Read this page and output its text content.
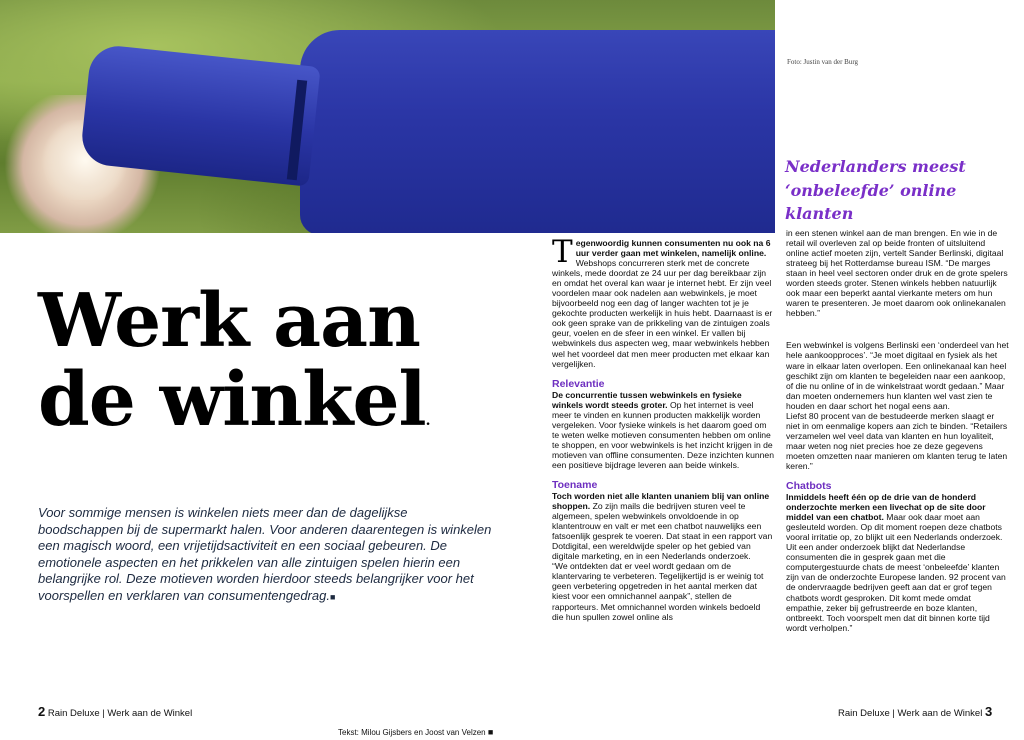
Foto: Justin van der Burg
Werk aan
de winkel.

Voor sommige mensen is winkelen niets meer dan de dagelijkse boodschappen bij de supermarkt halen. Voor anderen daarentegen is winkelen een magisch woord, een vrijetijdsactiviteit en een sociaal gebeuren. De emotionele aspecten en het prikkelen van alle zintuigen spelen hierin een belangrijke rol. Deze motieven worden hierdoor steeds belangrijker voor het voorspellen en verklaren van consumentengedrag.■

Tegenwoordig kunnen consumenten nu ook na 6 uur verder gaan met winkelen, namelijk online. Webshops concurreren sterk met de concrete winkels, mede doordat ze 24 uur per dag bereikbaar zijn en omdat het overal kan waar je internet hebt. Er zijn veel voordelen maar ook nadelen aan webwinkels, je moet bijvoorbeeld nog een dag of langer wachten tot je je gekochte producten werkelijk in huis hebt. Daarnaast is er ook geen sprake van de prikkeling van de zintuigen zoals geur, voelen en de sfeer in een winkel. Er vallen bij webwinkels dus aspecten weg, maar webwinkels hebben wel het voordeel dat men meer producten met elkaar kan vergelijken.

Relevantie

De concurrentie tussen webwinkels en fysieke winkels wordt steeds groter. Op het internet is veel meer te vinden en kunnen producten makkelijk worden vergeleken. Voor fysieke winkels is het daarom goed om te weten welke motieven consumenten hebben om online te shoppen, en voor webwinkels is het inzicht krijgen in de motieven van offline consumenten. Deze inzichten kunnen een positieve bijdrage leveren aan beide winkels.

Toename

Toch worden niet alle klanten unaniem blij van online shoppen. Zo zijn mails die bedrijven sturen veel te algemeen, spelen webwinkels onvoldoende in op klantentrouw en valt er met een chatbot nauwelijks een fatsoenlijk gesprek te voeren. Dat staat in een rapport van Dotdigital, een wereldwijde speler op het gebied van digitale marketing, en in een Nederlands onderzoek.

“We ontdekten dat er veel wordt gedaan om de klantervaring te verbeteren. Tegelijkertijd is er weinig tot geen verbetering opgetreden in het aantal merken dat kiest voor een omnichannel aanpak”, stellen de rapporteurs. Met omnichannel worden winkels bedoeld die hun spullen zowel online als

Nederlanders meest ‘onbeleefde’ online klanten

in een stenen winkel aan de man brengen. En wie in de retail wil overleven zal op beide fronten of uitsluitend online actief moeten zijn, vertelt Sander Berlinski, digitaal strateeg bij het Rotterdamse bureau ISM. “De marges staan in heel veel sectoren onder druk en de grote spelers worden steeds groter. Stenen winkels hebben natuurlijk ook maar een beperkt aantal vierkante meters om hun waren te presenteren. Je moet daarom ook onlinekanalen hebben.”

Een webwinkel is volgens Berlinski een ‘onderdeel van het hele aankoopproces’. “Je moet digitaal en fysiek als het ware in elkaar laten overlopen. Een onlinekanaal kan heel geschikt zijn om klanten te begeleiden naar een aankoop, of die nu online of in de winkelstraat wordt gedaan.” Maar dan moeten ondernemers hun klanten wel vast zien te houden en daar schort het nogal eens aan.

Liefst 80 procent van de bestudeerde merken slaagt er niet in om eenmalige kopers aan zich te binden. “Retailers verzamelen wel veel data van klanten en hun loyaliteit, maar weten nog niet precies hoe ze deze gegevens moeten omzetten naar manieren om klanten terug te laten keren.”

Chatbots

Inmiddels heeft één op de drie van de honderd onderzochte merken een livechat op de site door middel van een chatbot. Maar ook daar moet aan gesleuteld worden. Op dit moment roepen deze chatbots vooral irritatie op, zo blijkt uit een Nederlands onderzoek. Uit een ander onderzoek blijkt dat Nederlandse consumenten die in gesprek gaan met die computergestuurde chats de meest ‘onbeleefde’ klanten zijn van de onderzochte Europese landen. 92 procent van de ondervraagde bedrijven geeft aan dat er grof tegen chatbots wordt gesproken. Dit komt mede omdat empathie, zeker bij gefrustreerde en boze klanten, ontbreekt. Toch voorspelt men dat dit binnen korte tijd wordt verholpen.”

2 Rain Deluxe | Werk aan de Winkel	Rain Deluxe | Werk aan de Winkel 3
Tekst: Milou Gijsbers en Joost van Velzen ■
